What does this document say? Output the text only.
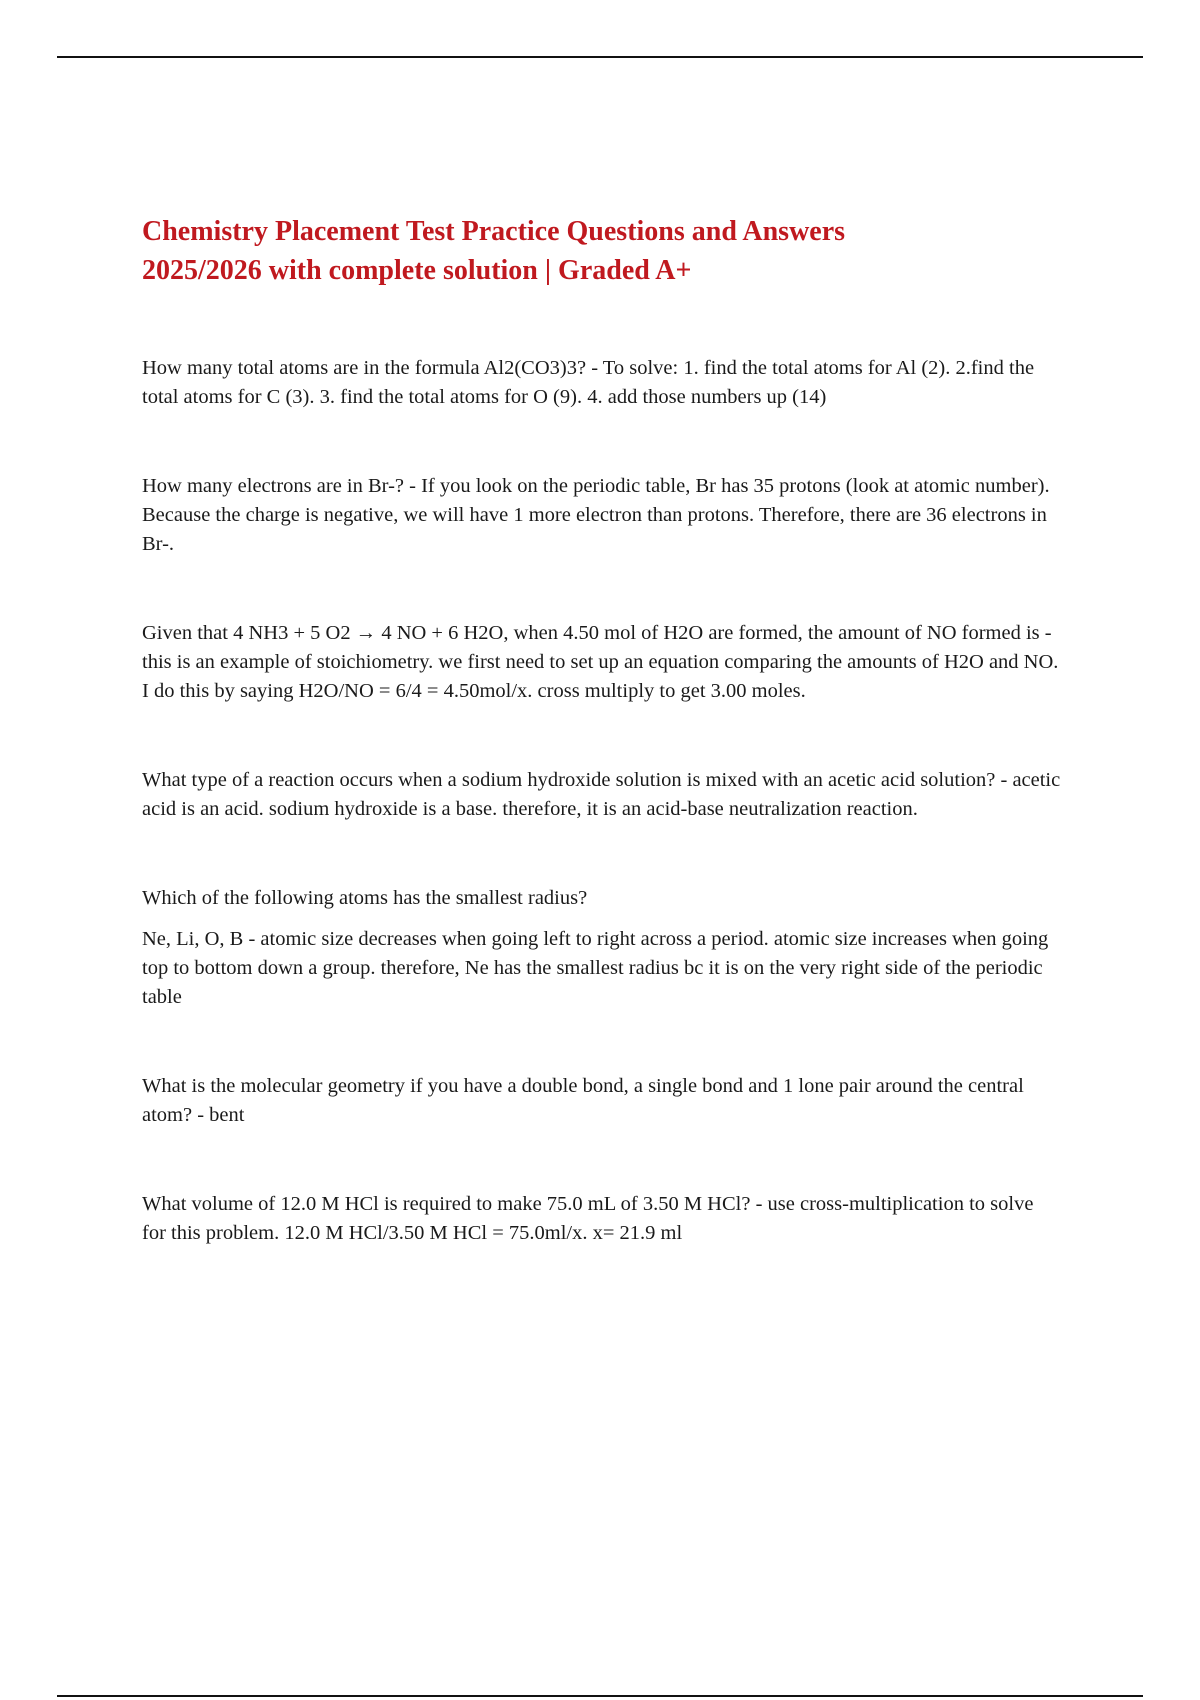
Chemistry Placement Test Practice Questions and Answers
2025/2026 with complete solution | Graded A+

How many total atoms are in the formula Al2(CO3)3? - To solve: 1. find the total atoms for Al (2). 2.find the total atoms for C (3). 3. find the total atoms for O (9). 4. add those numbers up (14)

How many electrons are in Br-? - If you look on the periodic table, Br has 35 protons (look at atomic number). Because the charge is negative, we will have 1 more electron than protons. Therefore, there are 36 electrons in Br-.

Given that 4 NH3 + 5 O2 → 4 NO + 6 H2O, when 4.50 mol of H2O are formed, the amount of NO formed is - this is an example of stoichiometry. we first need to set up an equation comparing the amounts of H2O and NO. I do this by saying H2O/NO = 6/4 = 4.50mol/x. cross multiply to get 3.00 moles.

What type of a reaction occurs when a sodium hydroxide solution is mixed with an acetic acid solution? - acetic acid is an acid. sodium hydroxide is a base. therefore, it is an acid-base neutralization reaction.

Which of the following atoms has the smallest radius?

Ne, Li, O, B - atomic size decreases when going left to right across a period. atomic size increases when going top to bottom down a group. therefore, Ne has the smallest radius bc it is on the very right side of the periodic table

What is the molecular geometry if you have a double bond, a single bond and 1 lone pair around the central atom? - bent

What volume of 12.0 M HCl is required to make 75.0 mL of 3.50 M HCl? - use cross-multiplication to solve for this problem. 12.0 M HCl/3.50 M HCl = 75.0ml/x. x= 21.9 ml
